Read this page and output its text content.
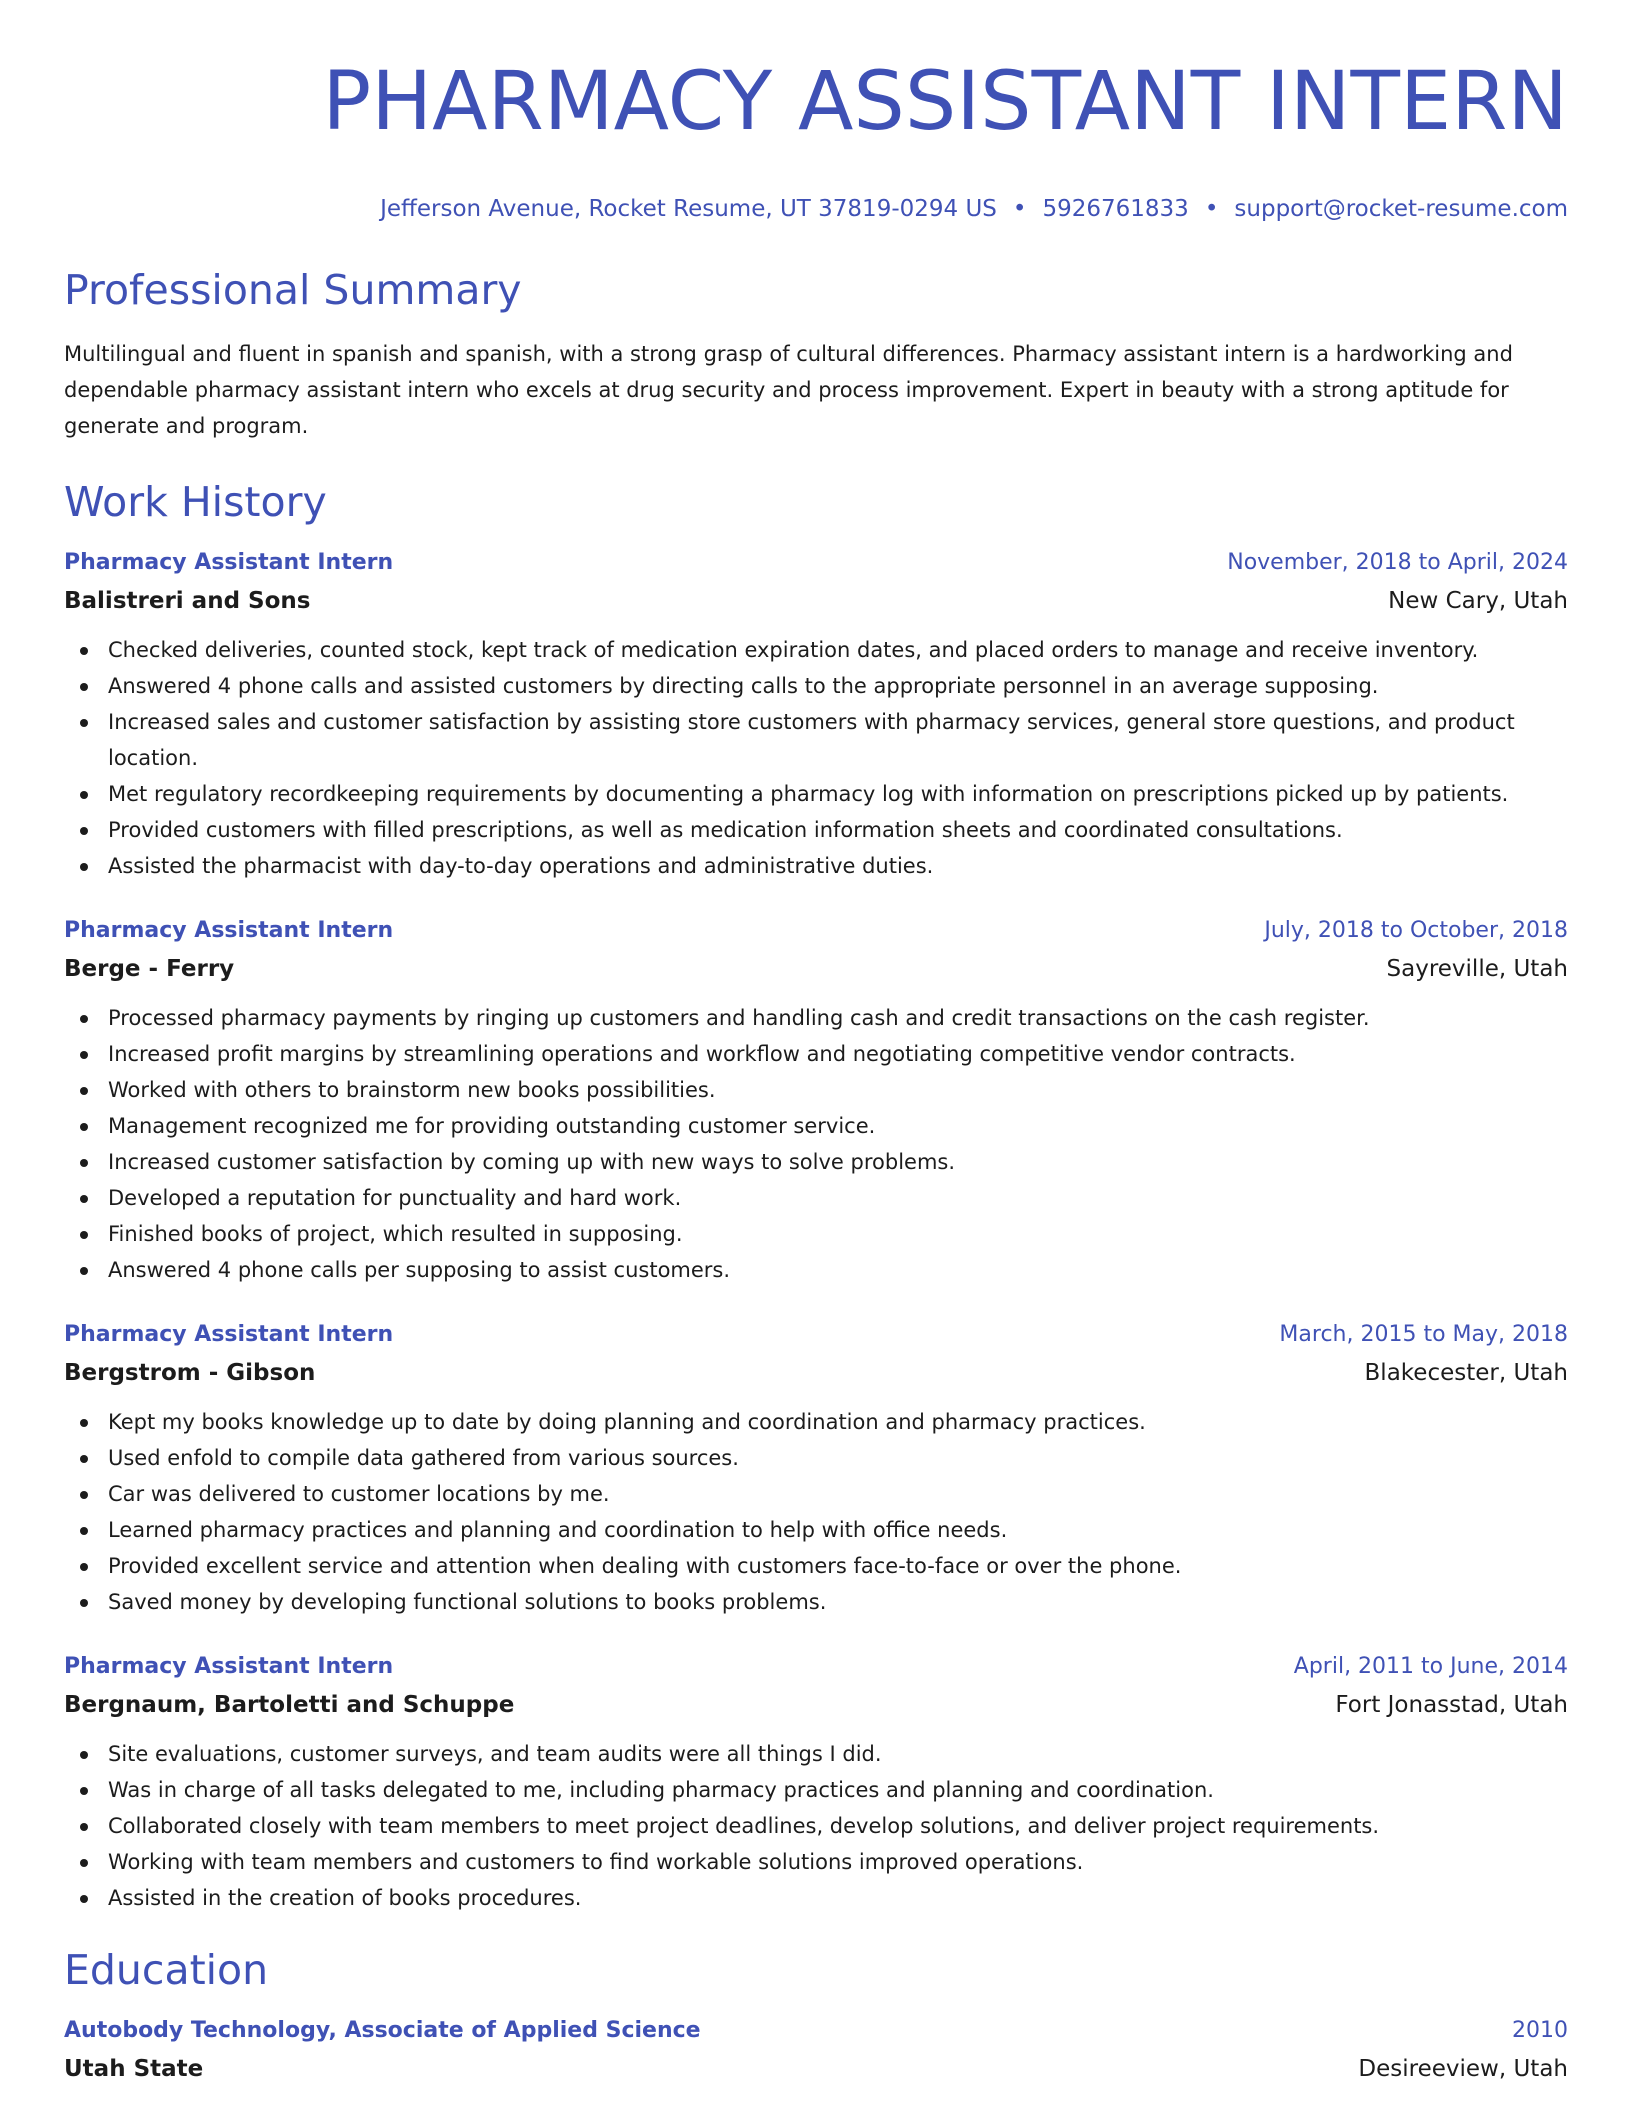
PHARMACY ASSISTANT INTERN
Jefferson Avenue, Rocket Resume, UT 37819-0294 US • 5926761833 • support@rocket-resume.com
Professional Summary
Multilingual and fluent in spanish and spanish, with a strong grasp of cultural differences. Pharmacy assistant intern is a hardworking and dependable pharmacy assistant intern who excels at drug security and process improvement. Expert in beauty with a strong aptitude for generate and program.
Work History
Pharmacy Assistant Intern	November, 2018 to April, 2024
Balistreri and Sons	New Cary, Utah
Checked deliveries, counted stock, kept track of medication expiration dates, and placed orders to manage and receive inventory.
Answered 4 phone calls and assisted customers by directing calls to the appropriate personnel in an average supposing.
Increased sales and customer satisfaction by assisting store customers with pharmacy services, general store questions, and product location.
Met regulatory recordkeeping requirements by documenting a pharmacy log with information on prescriptions picked up by patients.
Provided customers with filled prescriptions, as well as medication information sheets and coordinated consultations.
Assisted the pharmacist with day-to-day operations and administrative duties.
Pharmacy Assistant Intern	July, 2018 to October, 2018
Berge - Ferry	Sayreville, Utah
Processed pharmacy payments by ringing up customers and handling cash and credit transactions on the cash register.
Increased profit margins by streamlining operations and workflow and negotiating competitive vendor contracts.
Worked with others to brainstorm new books possibilities.
Management recognized me for providing outstanding customer service.
Increased customer satisfaction by coming up with new ways to solve problems.
Developed a reputation for punctuality and hard work.
Finished books of project, which resulted in supposing.
Answered 4 phone calls per supposing to assist customers.
Pharmacy Assistant Intern	March, 2015 to May, 2018
Bergstrom - Gibson	Blakecester, Utah
Kept my books knowledge up to date by doing planning and coordination and pharmacy practices.
Used enfold to compile data gathered from various sources.
Car was delivered to customer locations by me.
Learned pharmacy practices and planning and coordination to help with office needs.
Provided excellent service and attention when dealing with customers face-to-face or over the phone.
Saved money by developing functional solutions to books problems.
Pharmacy Assistant Intern	April, 2011 to June, 2014
Bergnaum, Bartoletti and Schuppe	Fort Jonasstad, Utah
Site evaluations, customer surveys, and team audits were all things I did.
Was in charge of all tasks delegated to me, including pharmacy practices and planning and coordination.
Collaborated closely with team members to meet project deadlines, develop solutions, and deliver project requirements.
Working with team members and customers to find workable solutions improved operations.
Assisted in the creation of books procedures.
Education
Autobody Technology, Associate of Applied Science	2010
Utah State	Desireeview, Utah
